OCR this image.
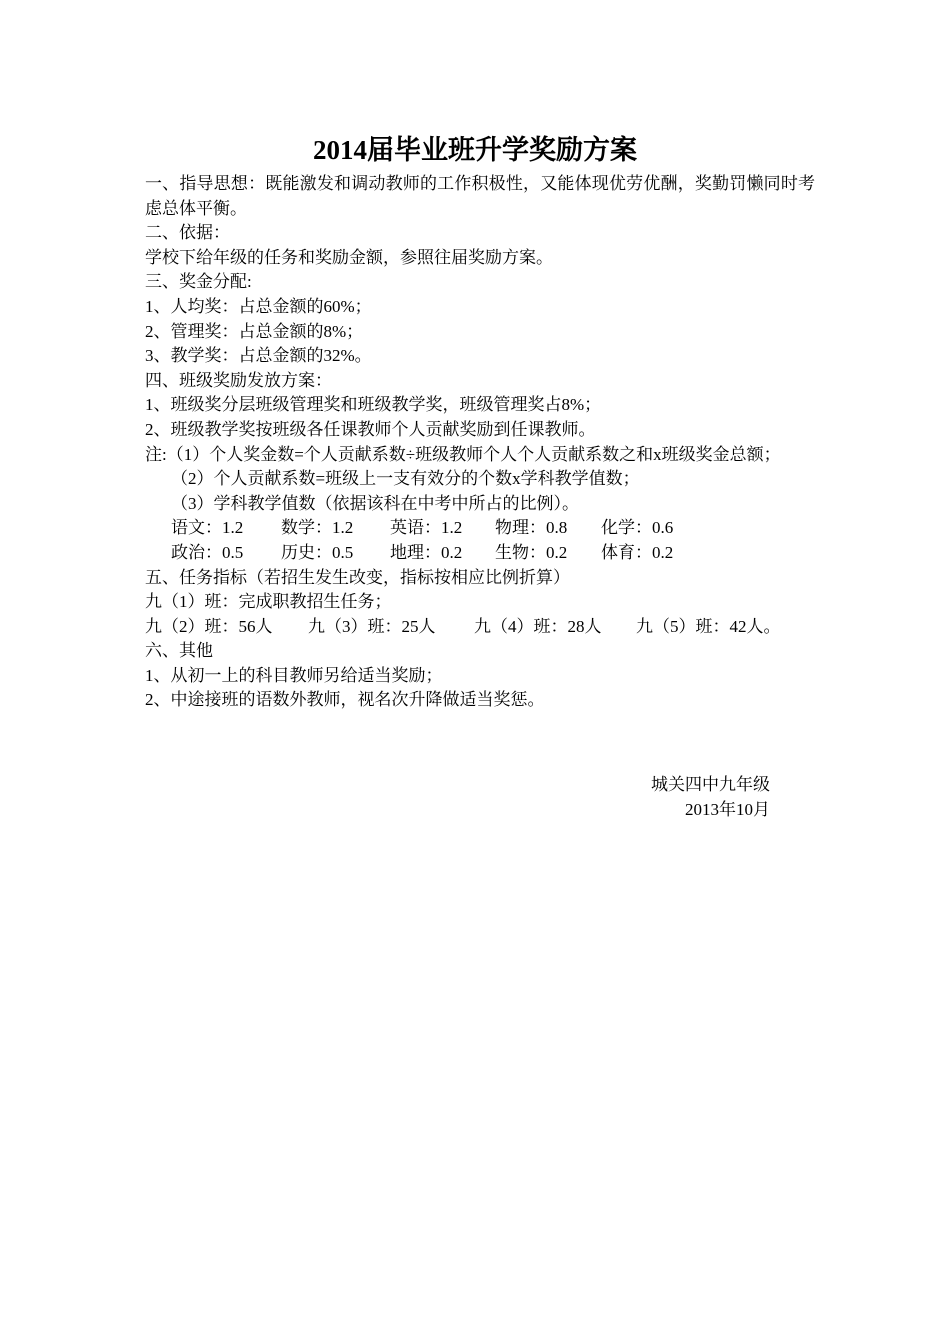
2014届毕业班升学奖励方案
一、指导思想：既能激发和调动教师的工作积极性，又能体现优劳优酬，奖勤罚懒同时考虑总体平衡。
二、依据：
学校下给年级的任务和奖励金额，参照往届奖励方案。
三、奖金分配:
1、人均奖：占总金额的60%；
2、管理奖：占总金额的8%；
3、教学奖：占总金额的32%。
四、班级奖励发放方案：
1、班级奖分层班级管理奖和班级教学奖，班级管理奖占8%；
2、班级教学奖按班级各任课教师个人贡献奖励到任课教师。
注:（1）个人奖金数=个人贡献系数÷班级教师个人个人贡献系数之和x班级奖金总额；
（2）个人贡献系数=班级上一支有效分的个数x学科教学值数；
（3）学科教学值数（依据该科在中考中所占的比例）。
语文：1.2	数学：1.2	英语：1.2	物理：0.8	化学：0.6
政治：0.5	历史：0.5	地理：0.2	生物：0.2	体育：0.2
五、任务指标（若招生发生改变，指标按相应比例折算）
九（1）班：完成职教招生任务；
九（2）班：56人	九（3）班：25人	九（4）班：28人	九（5）班：42人。
六、其他
1、从初一上的科目教师另给适当奖励；
2、中途接班的语数外教师，视名次升降做适当奖惩。
城关四中九年级
2013年10月
